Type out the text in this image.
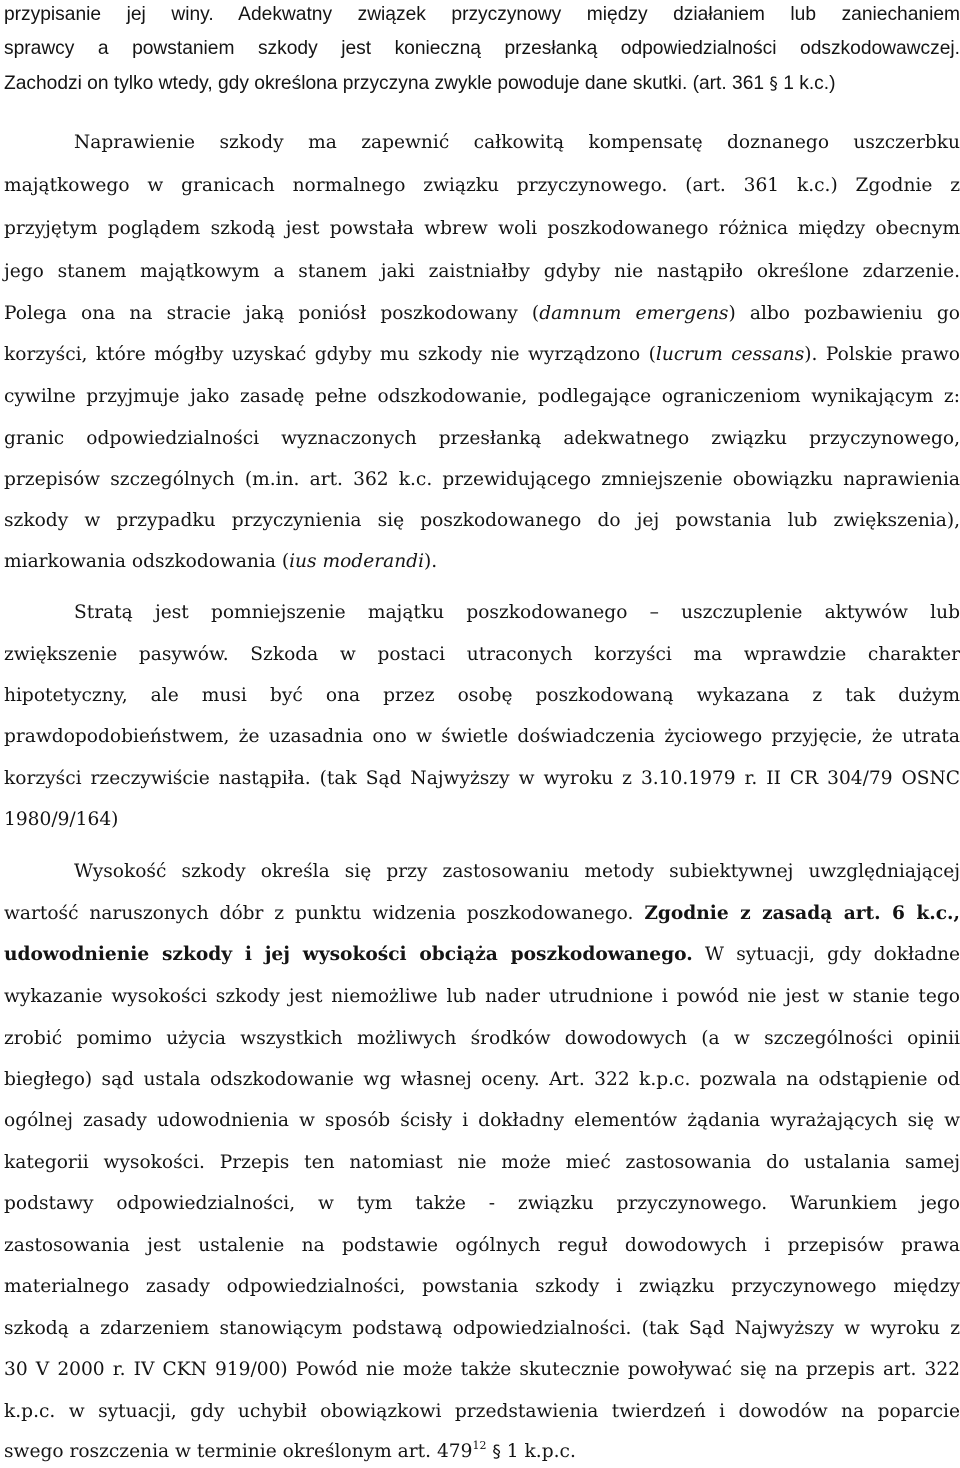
przypisanie jej winy. Adekwatny związek przyczynowy między działaniem lub zaniechaniem
sprawcy a powstaniem szkody jest konieczną przesłanką odpowiedzialności odszkodowawczej.
Zachodzi on tylko wtedy, gdy określona przyczyna zwykle powoduje dane skutki. (art. 361 § 1 k.c.)
Naprawienie szkody ma zapewnić całkowitą kompensatę doznanego uszczerbku
majątkowego w granicach normalnego związku przyczynowego. (art. 361 k.c.) Zgodnie z
przyjętym poglądem szkodą jest powstała wbrew woli poszkodowanego różnica między obecnym
jego stanem majątkowym a stanem jaki zaistniałby gdyby nie nastąpiło określone zdarzenie.
Polega ona na stracie jaką poniósł poszkodowany (damnum emergens) albo pozbawieniu go
korzyści, które mógłby uzyskać gdyby mu szkody nie wyrządzono (lucrum cessans). Polskie prawo
cywilne przyjmuje jako zasadę pełne odszkodowanie, podlegające ograniczeniom wynikającym z:
granic odpowiedzialności wyznaczonych przesłanką adekwatnego związku przyczynowego,
przepisów szczególnych (m.in. art. 362 k.c. przewidującego zmniejszenie obowiązku naprawienia
szkody w przypadku przyczynienia się poszkodowanego do jej powstania lub zwiększenia),
miarkowania odszkodowania (ius moderandi).
Stratą jest pomniejszenie majątku poszkodowanego – uszczuplenie aktywów lub
zwiększenie pasywów. Szkoda w postaci utraconych korzyści ma wprawdzie charakter
hipotetyczny, ale musi być ona przez osobę poszkodowaną wykazana z tak dużym
prawdopodobieństwem, że uzasadnia ono w świetle doświadczenia życiowego przyjęcie, że utrata
korzyści rzeczywiście nastąpiła. (tak Sąd Najwyższy w wyroku z 3.10.1979 r. II CR 304/79 OSNC
1980/9/164)
Wysokość szkody określa się przy zastosowaniu metody subiektywnej uwzględniającej
wartość naruszonych dóbr z punktu widzenia poszkodowanego. Zgodnie z zasadą art. 6 k.c.,
udowodnienie szkody i jej wysokości obciąża poszkodowanego. W sytuacji, gdy dokładne
wykazanie wysokości szkody jest niemożliwe lub nader utrudnione i powód nie jest w stanie tego
zrobić pomimo użycia wszystkich możliwych środków dowodowych (a w szczególności opinii
biegłego) sąd ustala odszkodowanie wg własnej oceny. Art. 322 k.p.c. pozwala na odstąpienie od
ogólnej zasady udowodnienia w sposób ścisły i dokładny elementów żądania wyrażających się w
kategorii wysokości. Przepis ten natomiast nie może mieć zastosowania do ustalania samej
podstawy odpowiedzialności, w tym także - związku przyczynowego. Warunkiem jego
zastosowania jest ustalenie na podstawie ogólnych reguł dowodowych i przepisów prawa
materialnego zasady odpowiedzialności, powstania szkody i związku przyczynowego między
szkodą a zdarzeniem stanowiącym podstawą odpowiedzialności. (tak Sąd Najwyższy w wyroku z
30 V 2000 r. IV CKN 919/00) Powód nie może także skutecznie powoływać się na przepis art. 322
k.p.c. w sytuacji, gdy uchybił obowiązkowi przedstawienia twierdzeń i dowodów na poparcie
swego roszczenia w terminie określonym art. $479^{12}$ § 1 k.p.c.
